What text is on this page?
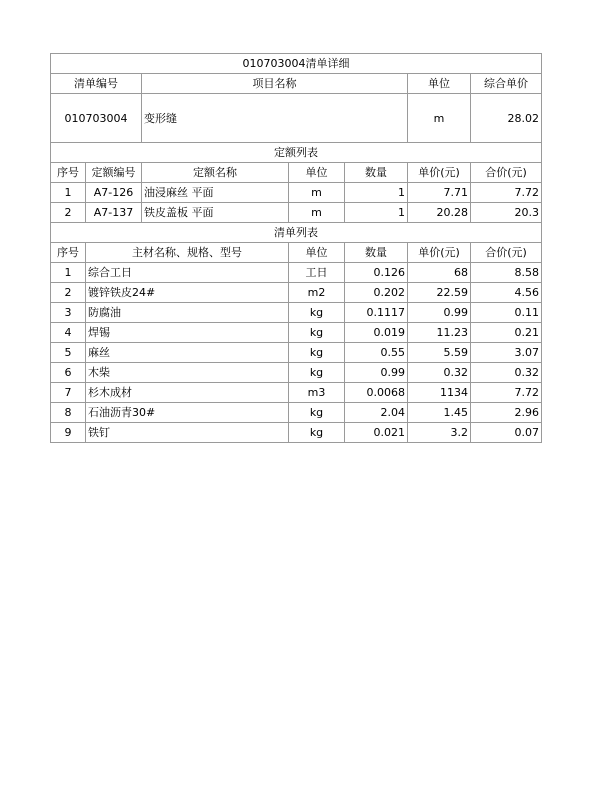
010703004清单详细						
清单编号		项目名称			单位	综合单价
010703004		变形缝			m	28.02
定额列表						
序号	定额编号	定额名称	单位	数量	单价(元)	合价(元)
1	A7-126	油浸麻丝 平面	m	1	7.71	7.72
2	A7-137	铁皮盖板 平面	m	1	20.28	20.3
清单列表						
序号	主材名称、规格、型号		单位	数量	单价(元)	合价(元)
1	综合工日		工日	0.126	68	8.58
2	镀锌铁皮24#		m2	0.202	22.59	4.56
3	防腐油		kg	0.1117	0.99	0.11
4	焊锡		kg	0.019	11.23	0.21
5	麻丝		kg	0.55	5.59	3.07
6	木柴		kg	0.99	0.32	0.32
7	杉木成材		m3	0.0068	1134	7.72
8	石油沥青30#		kg	2.04	1.45	2.96
9	铁钉		kg	0.021	3.2	0.07
